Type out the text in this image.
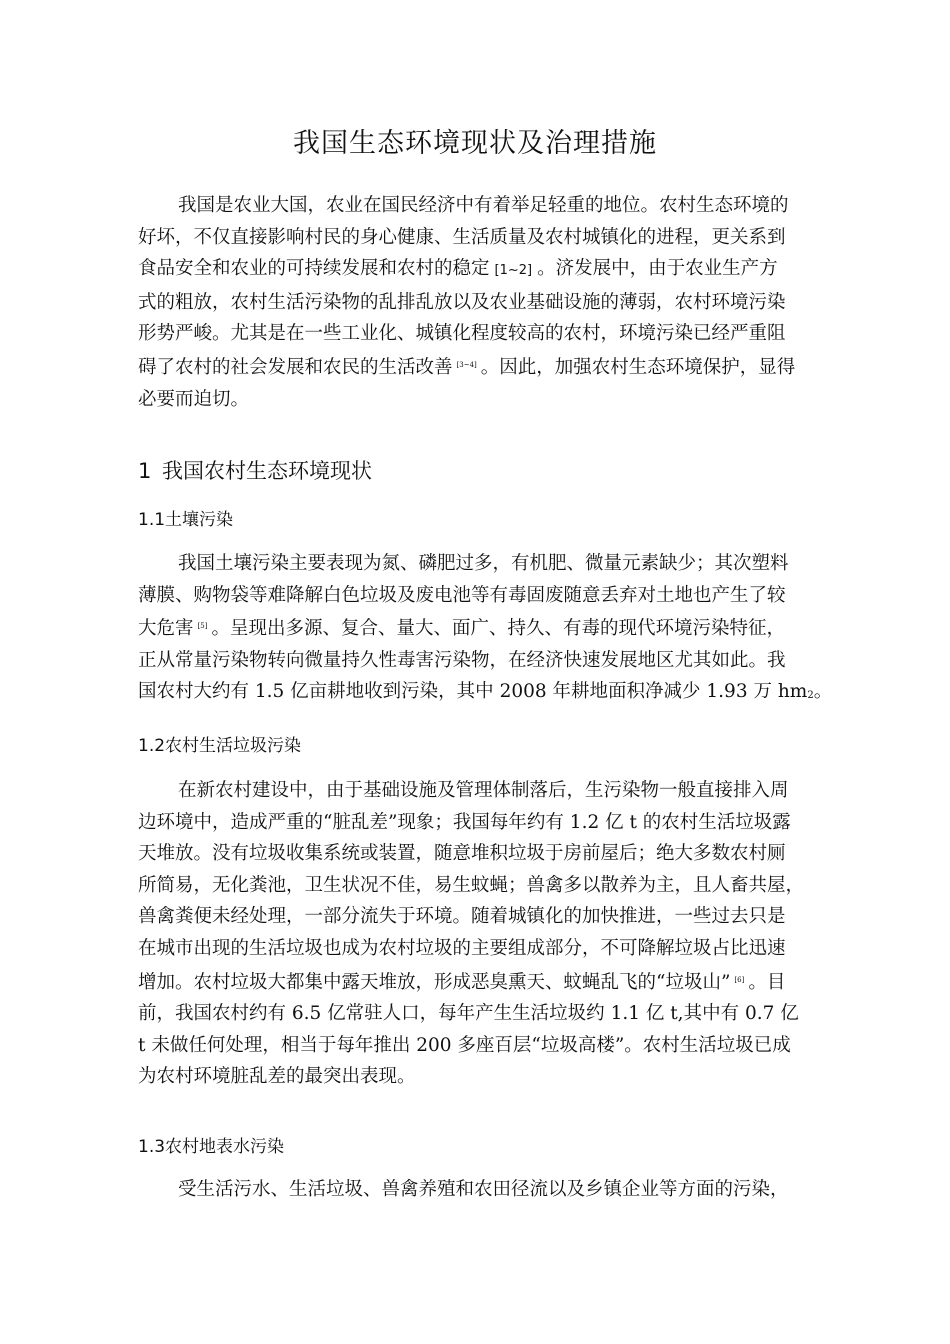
我国生态环境现状及治理措施

我国是农业大国，农业在国民经济中有着举足轻重的地位。农村生态环境的
好坏，不仅直接影响村民的身心健康、生活质量及农村城镇化的进程，更关系到
食品安全和农业的可持续发展和农村的稳定 [1~2] 。济发展中，由于农业生产方
式的粗放，农村生活污染物的乱排乱放以及农业基础设施的薄弱，农村环境污染
形势严峻。尤其是在一些工业化、城镇化程度较高的农村，环境污染已经严重阻
碍了农村的社会发展和农民的生活改善 [3~4] 。因此，加强农村生态环境保护，显得
必要而迫切。

1 我国农村生态环境现状
1.1土壤污染

我国土壤污染主要表现为氮、磷肥过多，有机肥、微量元素缺少；其次塑料
薄膜、购物袋等难降解白色垃圾及废电池等有毒固废随意丢弃对土地也产生了较
大危害 [5] 。呈现出多源、复合、量大、面广、持久、有毒的现代环境污染特征，
正从常量污染物转向微量持久性毒害污染物，在经济快速发展地区尤其如此。我
国农村大约有 1.5 亿亩耕地收到污染，其中 2008 年耕地面积净减少 1.93 万 hm2。

1.2农村生活垃圾污染

在新农村建设中，由于基础设施及管理体制落后，生污染物一般直接排入周
边环境中，造成严重的“脏乱差”现象；我国每年约有 1.2 亿 t 的农村生活垃圾露
天堆放。没有垃圾收集系统或装置，随意堆积垃圾于房前屋后；绝大多数农村厕
所简易，无化粪池，卫生状况不佳，易生蚊蝇；兽禽多以散养为主，且人畜共屋，
兽禽粪便未经处理，一部分流失于环境。随着城镇化的加快推进，一些过去只是
在城市出现的生活垃圾也成为农村垃圾的主要组成部分，不可降解垃圾占比迅速
增加。农村垃圾大都集中露天堆放，形成恶臭熏天、蚊蝇乱飞的“垃圾山” [6] 。目
前，我国农村约有 6.5 亿常驻人口，每年产生生活垃圾约 1.1 亿 t,其中有 0.7 亿
t 未做任何处理，相当于每年推出 200 多座百层“垃圾高楼”。农村生活垃圾已成
为农村环境脏乱差的最突出表现。

1.3农村地表水污染

受生活污水、生活垃圾、兽禽养殖和农田径流以及乡镇企业等方面的污染，
